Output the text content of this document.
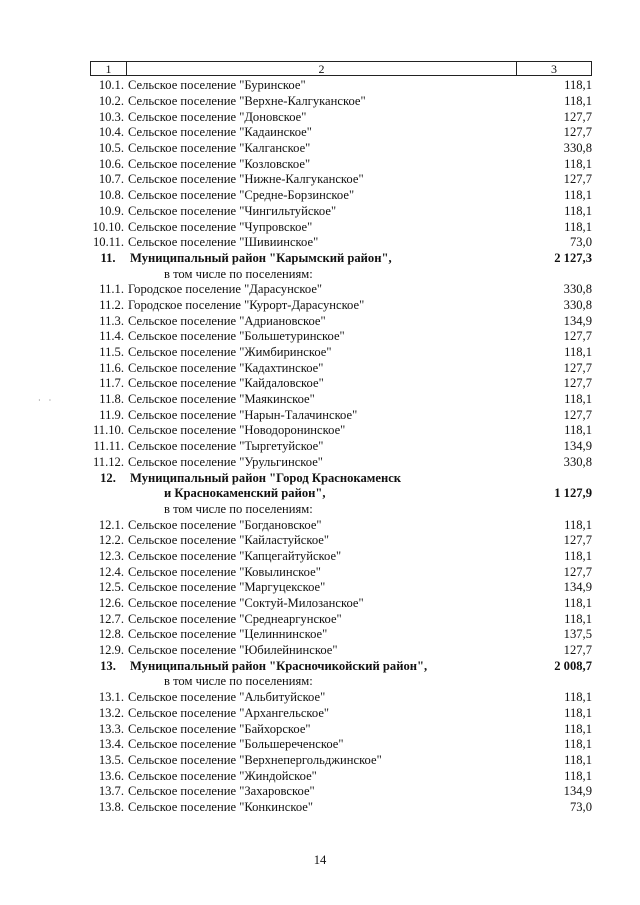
1	2	3
10.1. Сельское поселение "Буринское"	118,1
10.2. Сельское поселение "Верхне-Калгуканское"	118,1
10.3. Сельское поселение "Доновское"	127,7
10.4. Сельское поселение "Кадаинское"	127,7
10.5. Сельское поселение "Калганское"	330,8
10.6. Сельское поселение "Козловское"	118,1
10.7. Сельское поселение "Нижне-Калгуканское"	127,7
10.8. Сельское поселение "Средне-Борзинское"	118,1
10.9. Сельское поселение "Чингильтуйское"	118,1
10.10. Сельское поселение "Чупровское"	118,1
10.11. Сельское поселение "Шивиинское"	73,0
11.	Муниципальный район "Карымский район",	2 127,3
в том числе по поселениям:
11.1. Городское поселение "Дарасунское"	330,8
11.2. Городское поселение "Курорт-Дарасунское"	330,8
11.3. Сельское поселение "Адриановское"	134,9
11.4. Сельское поселение "Большетуринское"	127,7
11.5. Сельское поселение "Жимбиринское"	118,1
11.6. Сельское поселение "Кадахтинское"	127,7
11.7. Сельское поселение "Кайдаловское"	127,7
11.8. Сельское поселение "Маякинское"	118,1
11.9. Сельское поселение "Нарын-Талачинское"	127,7
11.10. Сельское поселение "Новодоронинское"	118,1
11.11. Сельское поселение "Тыргетуйское"	134,9
11.12. Сельское поселение "Урульгинское"	330,8
12.	Муниципальный район "Город Краснокаменск
и Краснокаменский район",	1 127,9
в том числе по поселениям:
12.1. Сельское поселение "Богдановское"	118,1
12.2. Сельское поселение "Кайластуйское"	127,7
12.3. Сельское поселение "Капцегайтуйское"	118,1
12.4. Сельское поселение "Ковылинское"	127,7
12.5. Сельское поселение "Маргуцекское"	134,9
12.6. Сельское поселение "Соктуй-Милозанское"	118,1
12.7. Сельское поселение "Среднеаргунское"	118,1
12.8. Сельское поселение "Целиннинское"	137,5
12.9. Сельское поселение "Юбилейнинское"	127,7
13.	Муниципальный район "Красночикойский район",	2 008,7
в том числе по поселениям:
13.1. Сельское поселение "Альбитуйское"	118,1
13.2. Сельское поселение "Архангельское"	118,1
13.3. Сельское поселение "Байхорское"	118,1
13.4. Сельское поселение "Большереченское"	118,1
13.5. Сельское поселение "Верхнепергольджинское"	118,1
13.6. Сельское поселение "Жиндойское"	118,1
13.7. Сельское поселение "Захаровское"	134,9
13.8. Сельское поселение "Конкинское"	73,0
· ·
14
